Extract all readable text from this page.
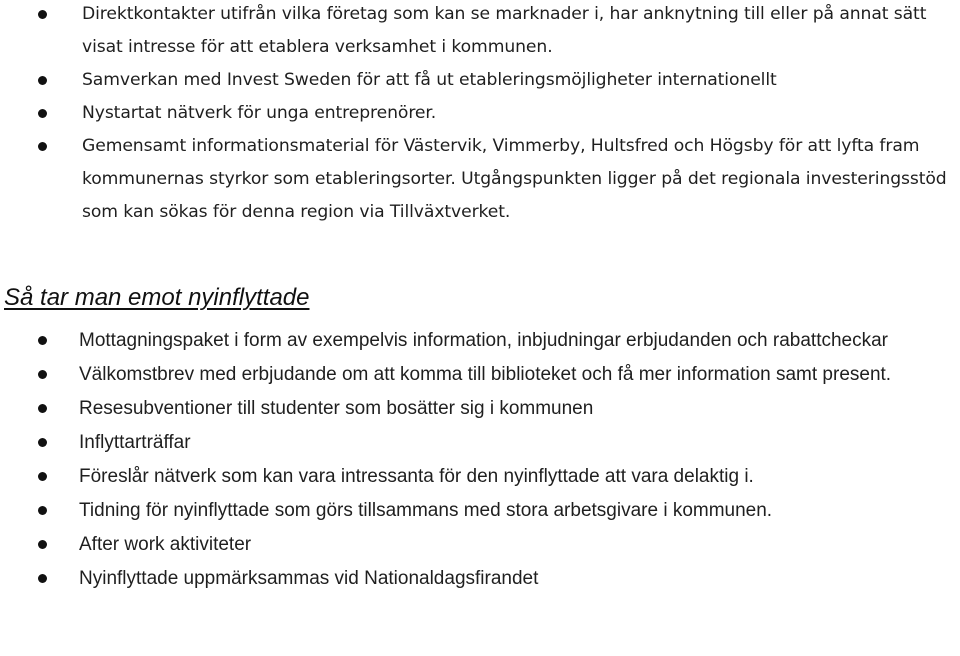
Direktkontakter utifrån vilka företag som kan se marknader i, har anknytning till eller på annat sätt visat intresse för att etablera verksamhet i kommunen.
Samverkan med Invest Sweden för att få ut etableringsmöjligheter internationellt
Nystartat nätverk för unga entreprenörer.
Gemensamt informationsmaterial för Västervik, Vimmerby, Hultsfred och Högsby för att lyfta fram kommunernas styrkor som etableringsorter. Utgångspunkten ligger på det regionala investeringsstöd som kan sökas för denna region via Tillväxtverket.
Så tar man emot nyinflyttade
Mottagningspaket i form av exempelvis information, inbjudningar erbjudanden och rabattcheckar
Välkomstbrev med erbjudande om att komma till biblioteket och få mer information samt present.
Resesubventioner till studenter som bosätter sig i kommunen
Inflyttarträffar
Föreslår nätverk som kan vara intressanta för den nyinflyttade att vara delaktig i.
Tidning för nyinflyttade som görs tillsammans med stora arbetsgivare i kommunen.
After work aktiviteter
Nyinflyttade uppmärksammas vid Nationaldagsfirandet
